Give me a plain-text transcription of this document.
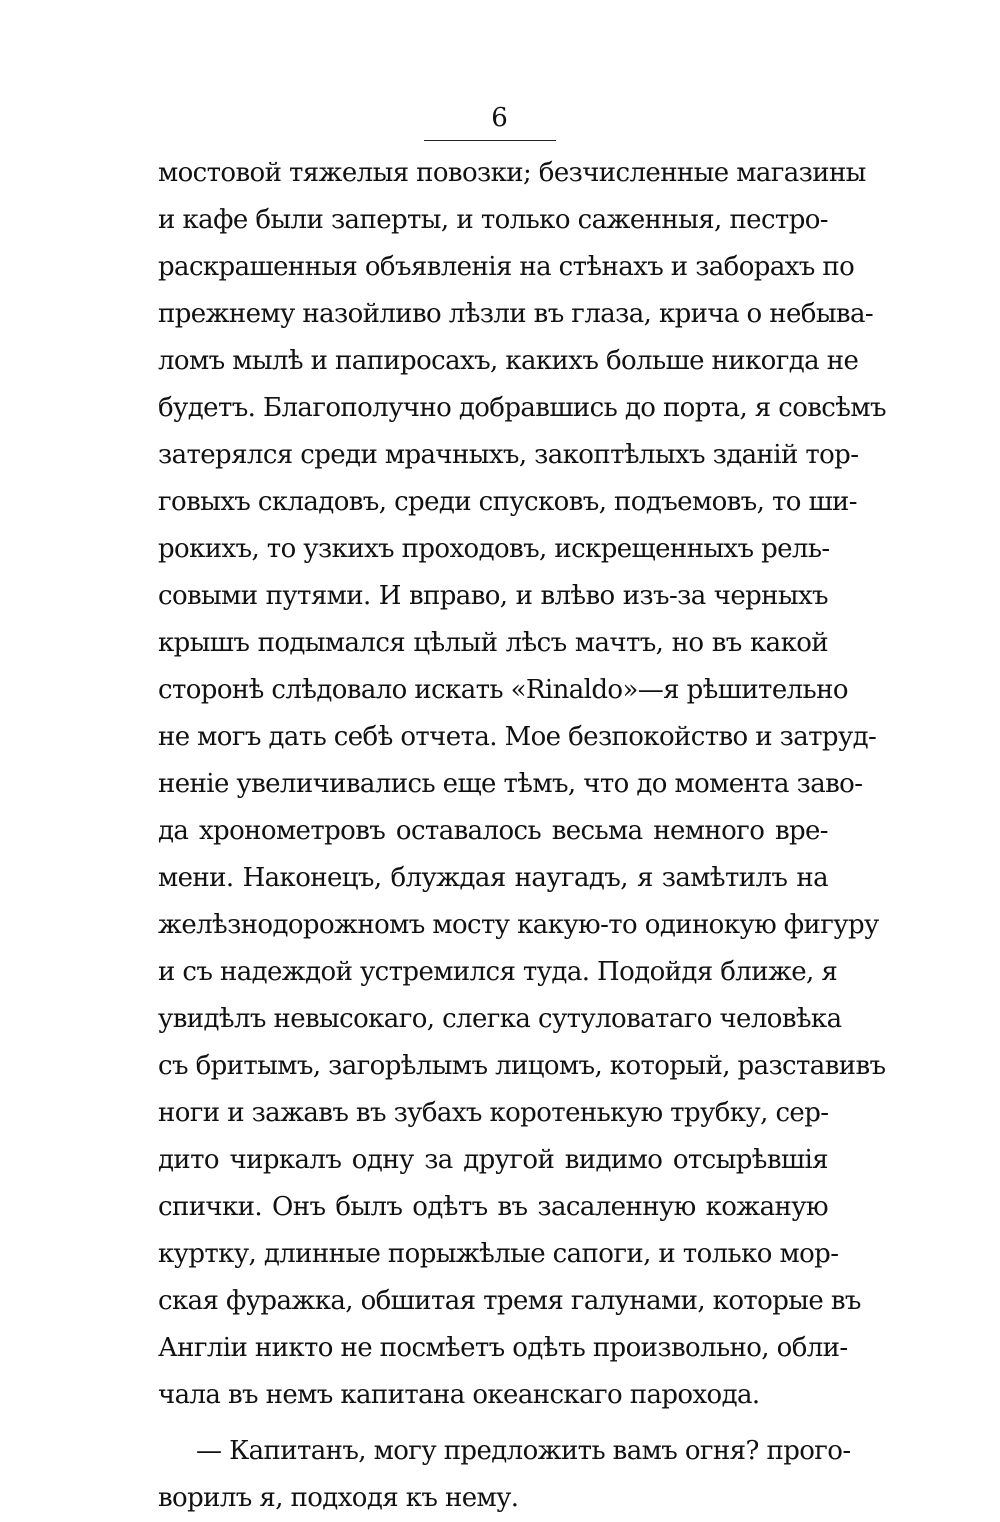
6
мостовой тяжелыя повозки; безчисленные магазины
и кафе были заперты, и только саженныя, пестро-
раскрашенныя объявленія на стѣнахъ и заборахъ по
прежнему назойливо лѣзли въ глаза, крича о небыва-
ломъ мылѣ и папиросахъ, какихъ больше никогда не
будетъ. Благополучно добравшись до порта, я совсѣмъ
затерялся среди мрачныхъ, закоптѣлыхъ зданій тор-
говыхъ складовъ, среди спусковъ, подъемовъ, то ши-
рокихъ, то узкихъ проходовъ, искрещенныхъ рель-
совыми путями. И вправо, и влѣво изъ-за черныхъ
крышъ подымался цѣлый лѣсъ мачтъ, но въ какой
сторонѣ слѣдовало искать «Rinaldo»—я рѣшительно
не могъ дать себѣ отчета. Мое безпокойство и затруд-
неніе увеличивались еще тѣмъ, что до момента заво-
да хронометровъ оставалось весьма немного вре-
мени. Наконецъ, блуждая наугадъ, я замѣтилъ на
желѣзнодорожномъ мосту какую-то одинокую фигуру
и съ надеждой устремился туда. Подойдя ближе, я
увидѣлъ невысокаго, слегка сутуловатаго человѣка
съ бритымъ, загорѣлымъ лицомъ, который, разставивъ
ноги и зажавъ въ зубахъ коротенькую трубку, сер-
дито чиркалъ одну за другой видимо отсырѣвшія
спички. Онъ былъ одѣтъ въ засаленную кожаную
куртку, длинные порыжѣлые сапоги, и только мор-
ская фуражка, обшитая тремя галунами, которые въ
Англіи никто не посмѣетъ одѣть произвольно, обли-
чала въ немъ капитана океанскаго парохода.
— Капитанъ, могу предложить вамъ огня? прого-
ворилъ я, подходя къ нему.
